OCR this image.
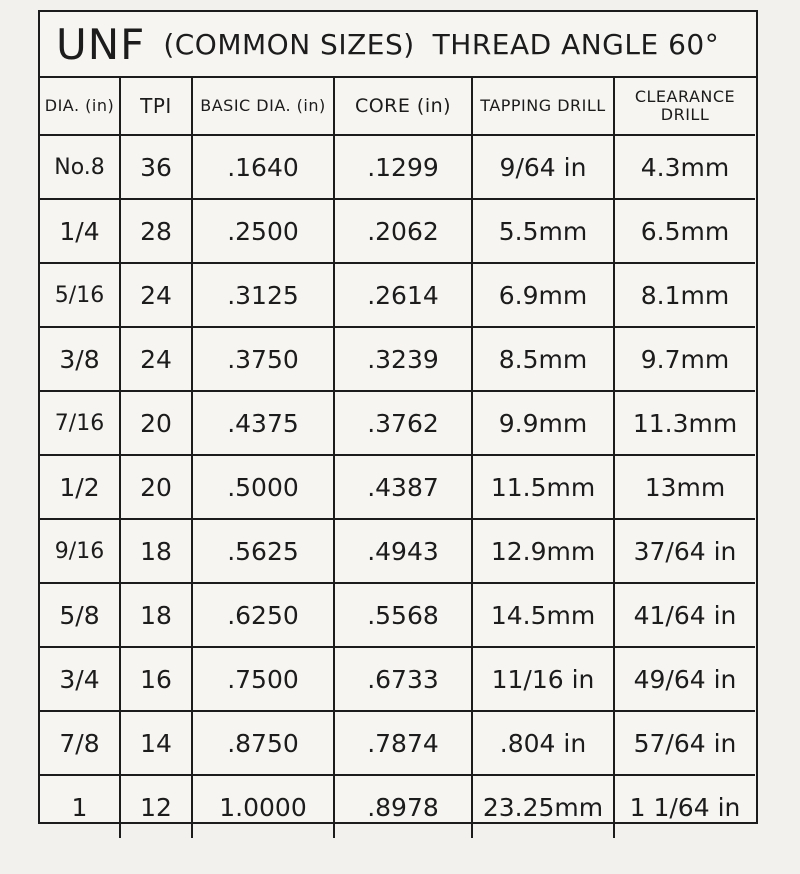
UNF (COMMON SIZES) THREAD ANGLE 60°
DIA. (in)	TPI	BASIC DIA. (in)	CORE (in)	TAPPING DRILL	CLEARANCE DRILL
No.8	36	.1640	.1299	9/64 in	4.3mm
1/4	28	.2500	.2062	5.5mm	6.5mm
5/16	24	.3125	.2614	6.9mm	8.1mm
3/8	24	.3750	.3239	8.5mm	9.7mm
7/16	20	.4375	.3762	9.9mm	11.3mm
1/2	20	.5000	.4387	11.5mm	13mm
9/16	18	.5625	.4943	12.9mm	37/64 in
5/8	18	.6250	.5568	14.5mm	41/64 in
3/4	16	.7500	.6733	11/16 in	49/64 in
7/8	14	.8750	.7874	.804 in	57/64 in
1	12	1.0000	.8978	23.25mm	1 1/64 in
